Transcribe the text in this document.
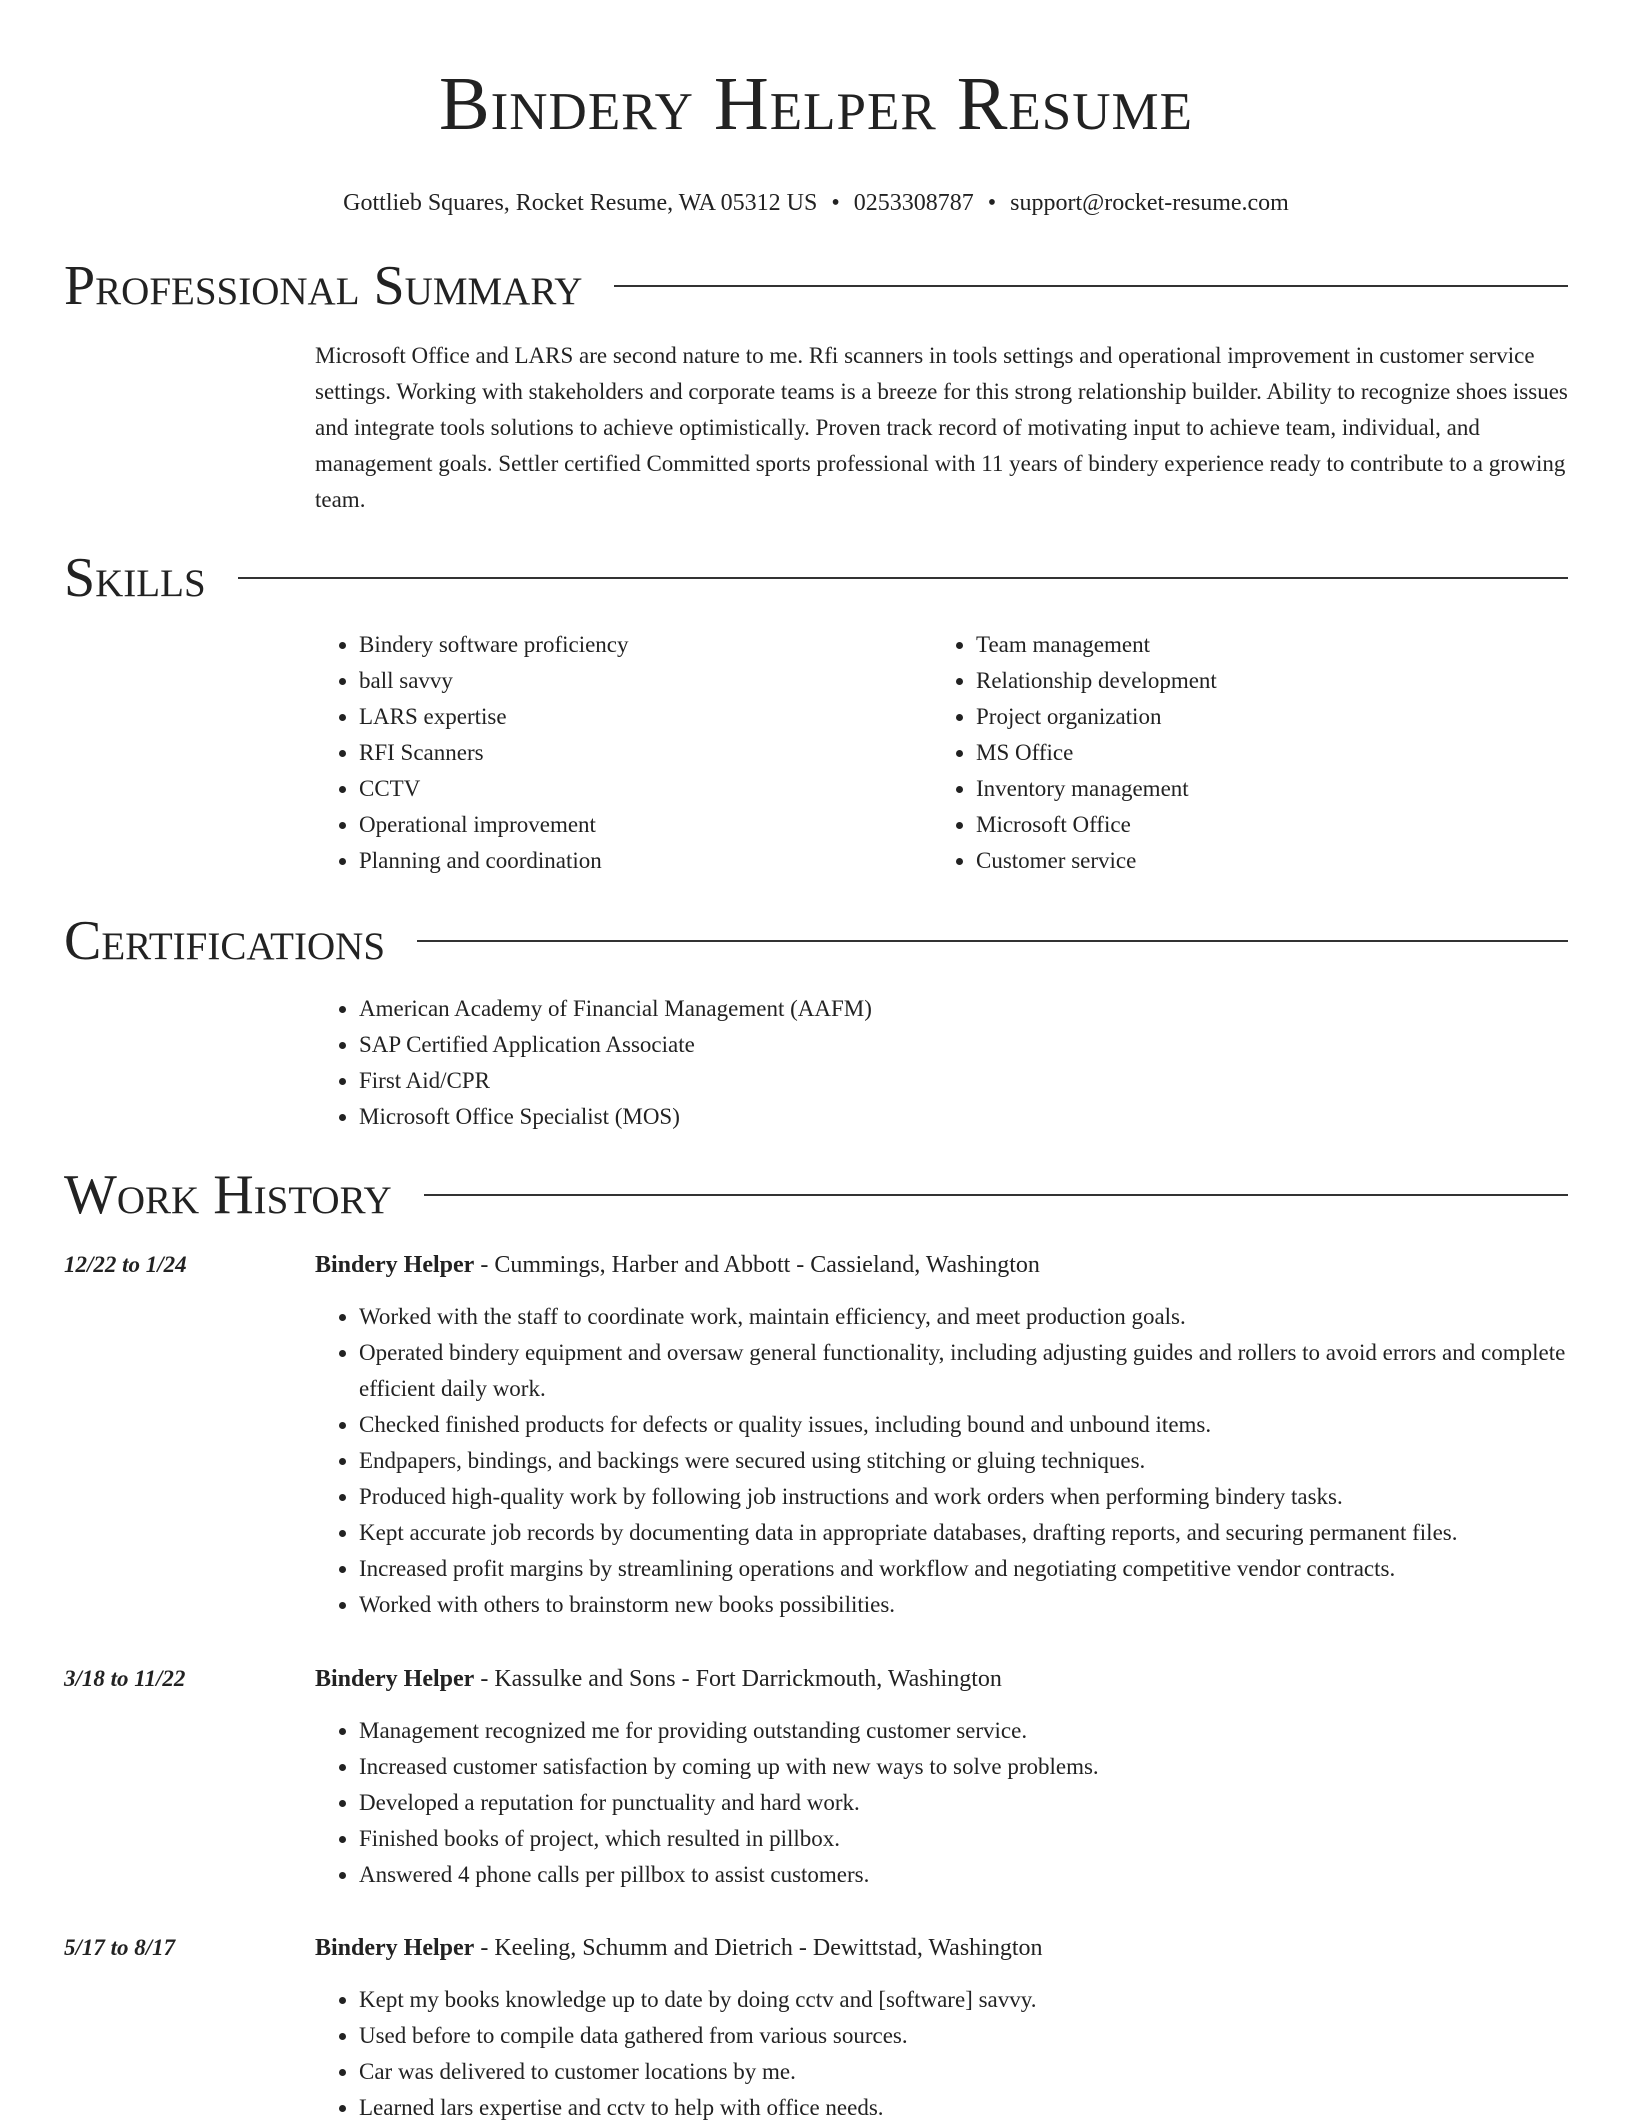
Bindery Helper Resume
Gottlieb Squares, Rocket Resume, WA 05312 US • 0253308787 • support@rocket-resume.com
Professional Summary

Microsoft Office and LARS are second nature to me. Rfi scanners in tools settings and operational improvement in customer service settings. Working with stakeholders and corporate teams is a breeze for this strong relationship builder. Ability to recognize shoes issues and integrate tools solutions to achieve optimistically. Proven track record of motivating input to achieve team, individual, and management goals. Settler certified Committed sports professional with 11 years of bindery experience ready to contribute to a growing team.

Skills
• Bindery software proficiency
• ball savvy
• LARS expertise
• RFI Scanners
• CCTV
• Operational improvement
• Planning and coordination
• Team management
• Relationship development
• Project organization
• MS Office
• Inventory management
• Microsoft Office
• Customer service
Certifications
• American Academy of Financial Management (AAFM)
• SAP Certified Application Associate
• First Aid/CPR
• Microsoft Office Specialist (MOS)
Work History
12/22 to 1/24	Bindery Helper - Cummings, Harber and Abbott - Cassieland, Washington
• Worked with the staff to coordinate work, maintain efficiency, and meet production goals.
• Operated bindery equipment and oversaw general functionality, including adjusting guides and rollers to avoid errors and complete efficient daily work.
• Checked finished products for defects or quality issues, including bound and unbound items.
• Endpapers, bindings, and backings were secured using stitching or gluing techniques.
• Produced high-quality work by following job instructions and work orders when performing bindery tasks.
• Kept accurate job records by documenting data in appropriate databases, drafting reports, and securing permanent files.
• Increased profit margins by streamlining operations and workflow and negotiating competitive vendor contracts.
• Worked with others to brainstorm new books possibilities.
3/18 to 11/22	Bindery Helper - Kassulke and Sons - Fort Darrickmouth, Washington
• Management recognized me for providing outstanding customer service.
• Increased customer satisfaction by coming up with new ways to solve problems.
• Developed a reputation for punctuality and hard work.
• Finished books of project, which resulted in pillbox.
• Answered 4 phone calls per pillbox to assist customers.
5/17 to 8/17	Bindery Helper - Keeling, Schumm and Dietrich - Dewittstad, Washington
• Kept my books knowledge up to date by doing cctv and [software] savvy.
• Used before to compile data gathered from various sources.
• Car was delivered to customer locations by me.
• Learned lars expertise and cctv to help with office needs.
